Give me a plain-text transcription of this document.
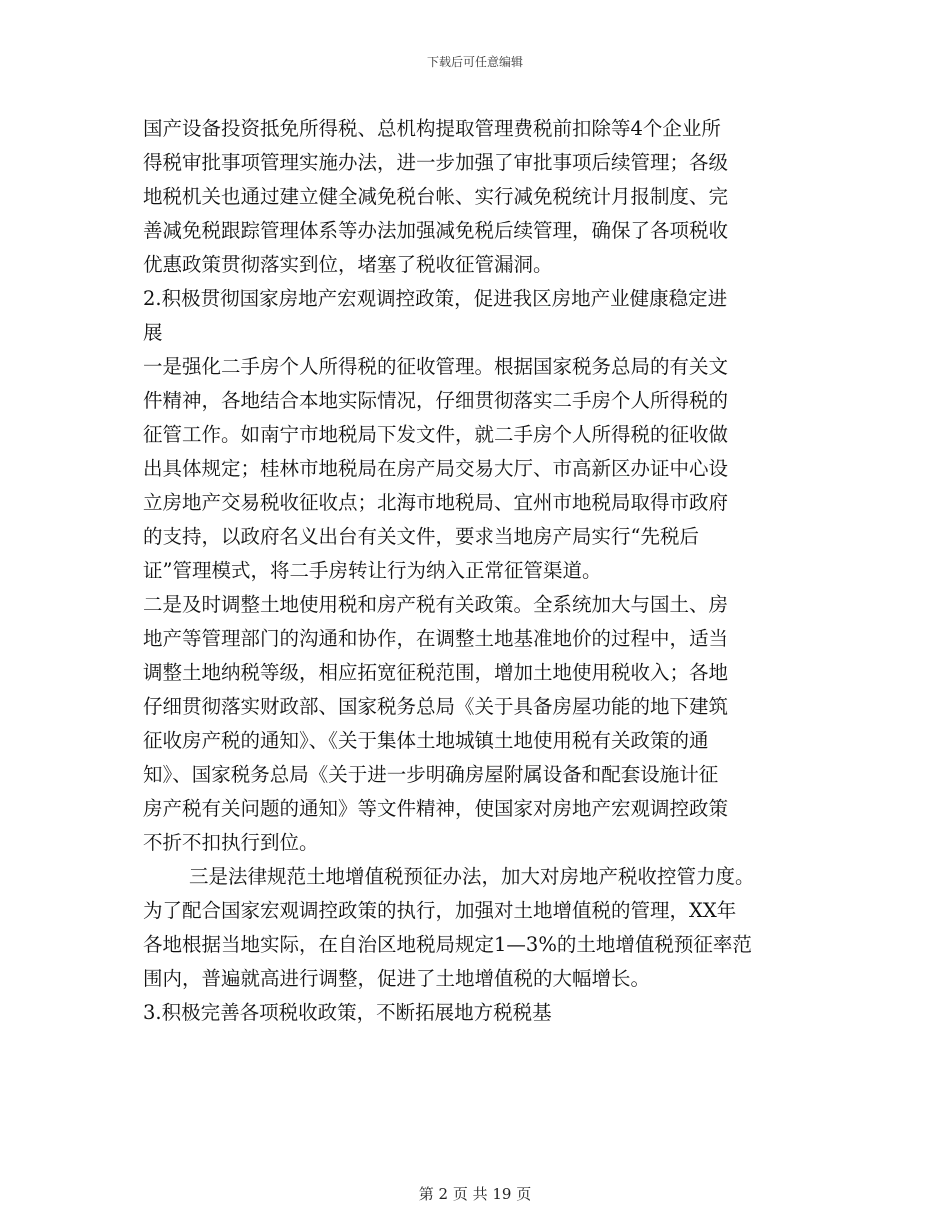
下载后可任意编辑
国产设备投资抵免所得税、总机构提取管理费税前扣除等4个企业所
得税审批事项管理实施办法，进一步加强了审批事项后续管理；各级
地税机关也通过建立健全减免税台帐、实行减免税统计月报制度、完
善减免税跟踪管理体系等办法加强减免税后续管理，确保了各项税收
优惠政策贯彻落实到位，堵塞了税收征管漏洞。
2.积极贯彻国家房地产宏观调控政策，促进我区房地产业健康稳定进
展
一是强化二手房个人所得税的征收管理。根据国家税务总局的有关文
件精神，各地结合本地实际情况，仔细贯彻落实二手房个人所得税的
征管工作。如南宁市地税局下发文件，就二手房个人所得税的征收做
出具体规定；桂林市地税局在房产局交易大厅、市高新区办证中心设
立房地产交易税收征收点；北海市地税局、宜州市地税局取得市政府
的支持，以政府名义出台有关文件，要求当地房产局实行“先税后
证”管理模式，将二手房转让行为纳入正常征管渠道。
二是及时调整土地使用税和房产税有关政策。全系统加大与国土、房
地产等管理部门的沟通和协作，在调整土地基准地价的过程中，适当
调整土地纳税等级，相应拓宽征税范围，增加土地使用税收入；各地
仔细贯彻落实财政部、国家税务总局《关于具备房屋功能的地下建筑
征收房产税的通知》、《关于集体土地城镇土地使用税有关政策的通
知》、国家税务总局《关于进一步明确房屋附属设备和配套设施计征
房产税有关问题的通知》等文件精神，使国家对房地产宏观调控政策
不折不扣执行到位。
三是法律规范土地增值税预征办法，加大对房地产税收控管力度。
为了配合国家宏观调控政策的执行，加强对土地增值税的管理，XX年
各地根据当地实际，在自治区地税局规定1—3%的土地增值税预征率范
围内，普遍就高进行调整，促进了土地增值税的大幅增长。
3.积极完善各项税收政策，不断拓展地方税税基
第 2 页 共 19 页
